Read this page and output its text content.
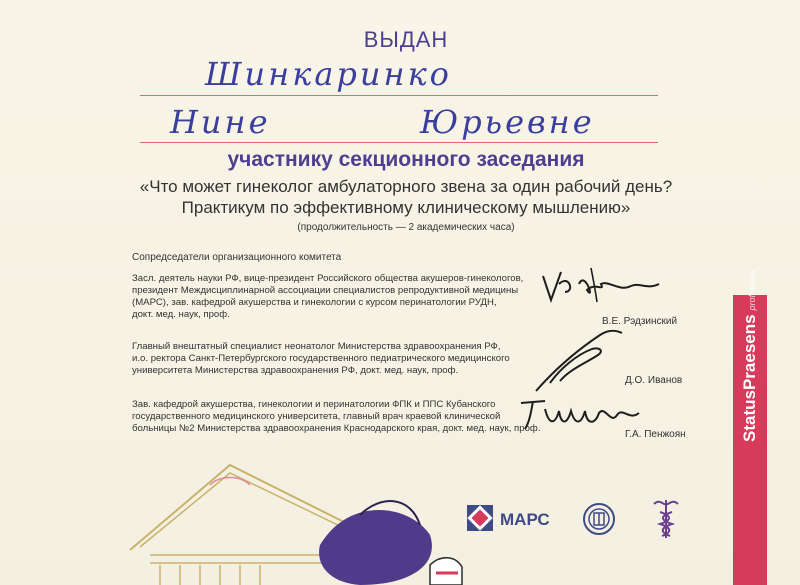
ВЫДАН
Шинкаринко
Нине	Юрьевне
участнику секционного заседания
«Что может гинеколог амбулаторного звена за один рабочий день?
Практикум по эффективному клиническому мышлению»
(продолжительность — 2 академических часа)
Сопредседатели организационного комитета
Засл. деятель науки РФ, вице-президент Российского общества акушеров-гинекологов,
президент Междисциплинарной ассоциации специалистов репродуктивной медицины
(МАРС), зав. кафедрой акушерства и гинекологии с курсом перинатологии РУДН,
докт. мед. наук, проф.
В.Е. Рэдзинский
Главный внештатный специалист неонатолог Министерства здравоохранения РФ,
и.о. ректора Санкт-Петербургского государственного педиатрического медицинского
университета Министерства здравоохранения РФ, докт. мед. наук, проф.
Д.О. Иванов
Зав. кафедрой акушерства, гинекологии и перинатологии ФПК и ППС Кубанского
государственного медицинского университета, главный врач краевой клинической
больницы №2 Министерства здравоохранения Краснодарского края, докт. мед. наук, проф.
Г.А. Пенжоян	StatusPraesensprofmedia
МАРС
